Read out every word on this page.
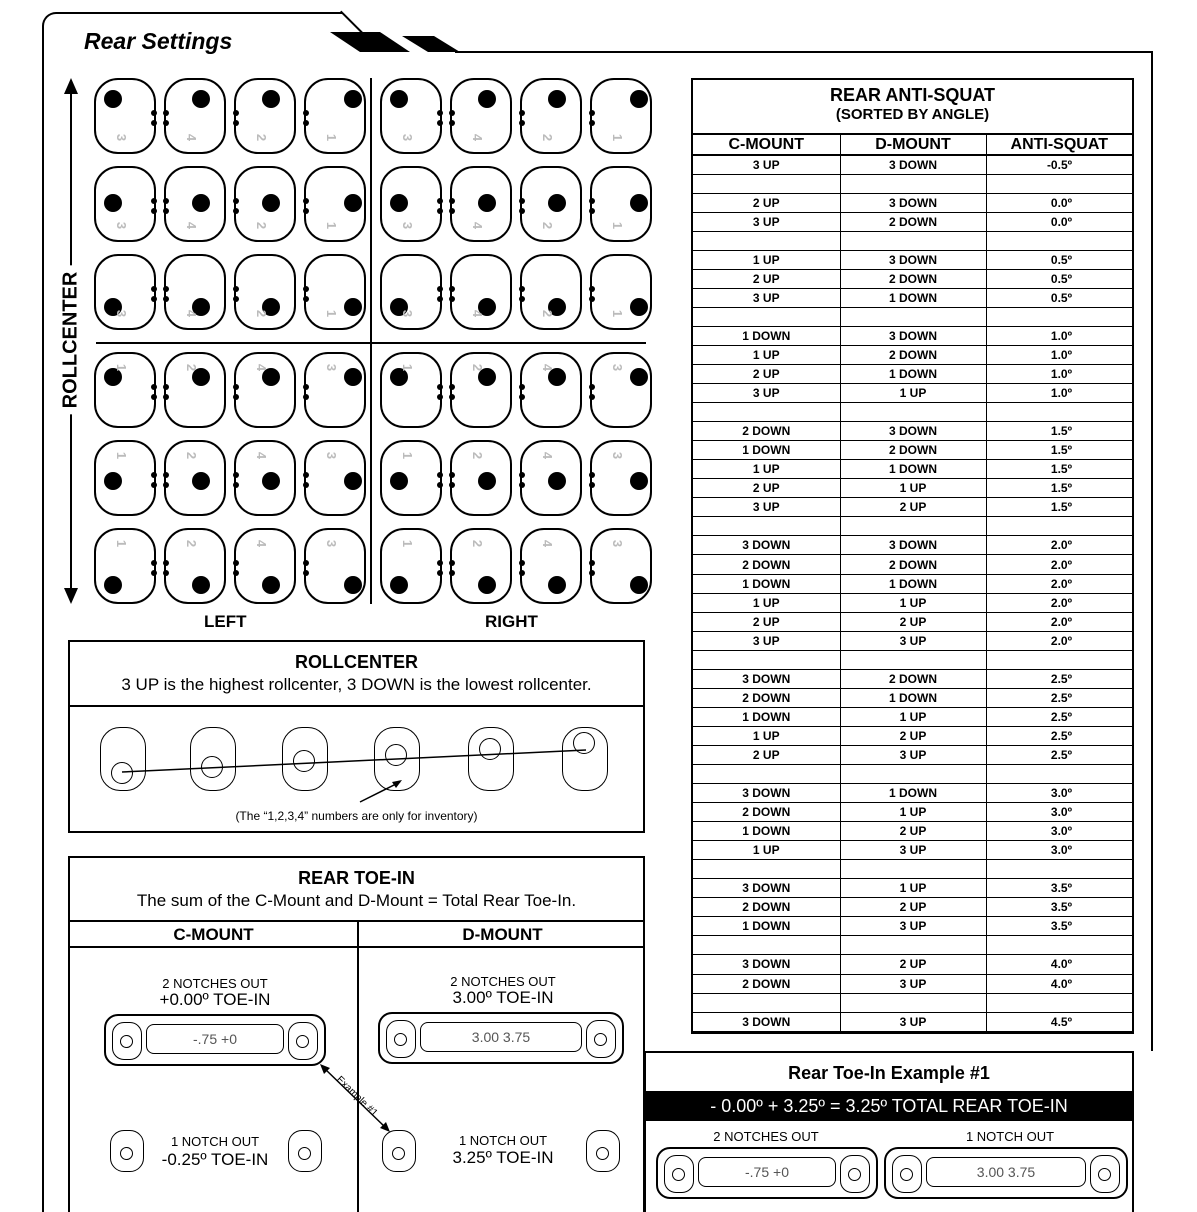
Rear Settings
ROLLCENTER
LEFT	RIGHT
3	4	2	1	3	4	2	1
3	4	2	1	3	4	2	1
3	4	2	1	3	4	2	1
1	2	4	3	1	2	4	3
1	2	4	3	1	2	4	3
1	2	4	3	1	2	4	3
REAR ANTI-SQUAT
(SORTED BY ANGLE)
C-MOUNT	D-MOUNT	ANTI-SQUAT
3 UP	3 DOWN	-0.5º

2 UP	3 DOWN	0.0º
3 UP	2 DOWN	0.0º

1 UP	3 DOWN	0.5º
2 UP	2 DOWN	0.5º
3 UP	1 DOWN	0.5º

1 DOWN	3 DOWN	1.0º
1 UP	2 DOWN	1.0º
2 UP	1 DOWN	1.0º
3 UP	1 UP	1.0º

2 DOWN	3 DOWN	1.5º
1 DOWN	2 DOWN	1.5º
1 UP	1 DOWN	1.5º
2 UP	1 UP	1.5º
3 UP	2 UP	1.5º

3 DOWN	3 DOWN	2.0º
2 DOWN	2 DOWN	2.0º
1 DOWN	1 DOWN	2.0º
1 UP	1 UP	2.0º
2 UP	2 UP	2.0º
3 UP	3 UP	2.0º

3 DOWN	2 DOWN	2.5º
2 DOWN	1 DOWN	2.5º
1 DOWN	1 UP	2.5º
1 UP	2 UP	2.5º
2 UP	3 UP	2.5º

3 DOWN	1 DOWN	3.0º
2 DOWN	1 UP	3.0º
1 DOWN	2 UP	3.0º
1 UP	3 UP	3.0º

3 DOWN	1 UP	3.5º
2 DOWN	2 UP	3.5º
1 DOWN	3 UP	3.5º

3 DOWN	2 UP	4.0º
2 DOWN	3 UP	4.0º

3 DOWN	3 UP	4.5º
ROLLCENTER
3 UP is the highest rollcenter, 3 DOWN is the lowest rollcenter.
(The “1,2,3,4” numbers are only for inventory)
REAR TOE-IN
The sum of the C-Mount and D-Mount = Total Rear Toe-In.
C-MOUNT	D-MOUNT
2 NOTCHES OUT
+0.00º TOE-IN
-.75 +0
2 NOTCHES OUT
3.00º TOE-IN
3.00 3.75
Example #1
1 NOTCH OUT
-0.25º TOE-IN
1 NOTCH OUT
3.25º TOE-IN
Rear Toe-In Example #1
- 0.00º + 3.25º = 3.25º TOTAL REAR TOE-IN
2 NOTCHES OUT	1 NOTCH OUT
-.75 +0	3.00 3.75
